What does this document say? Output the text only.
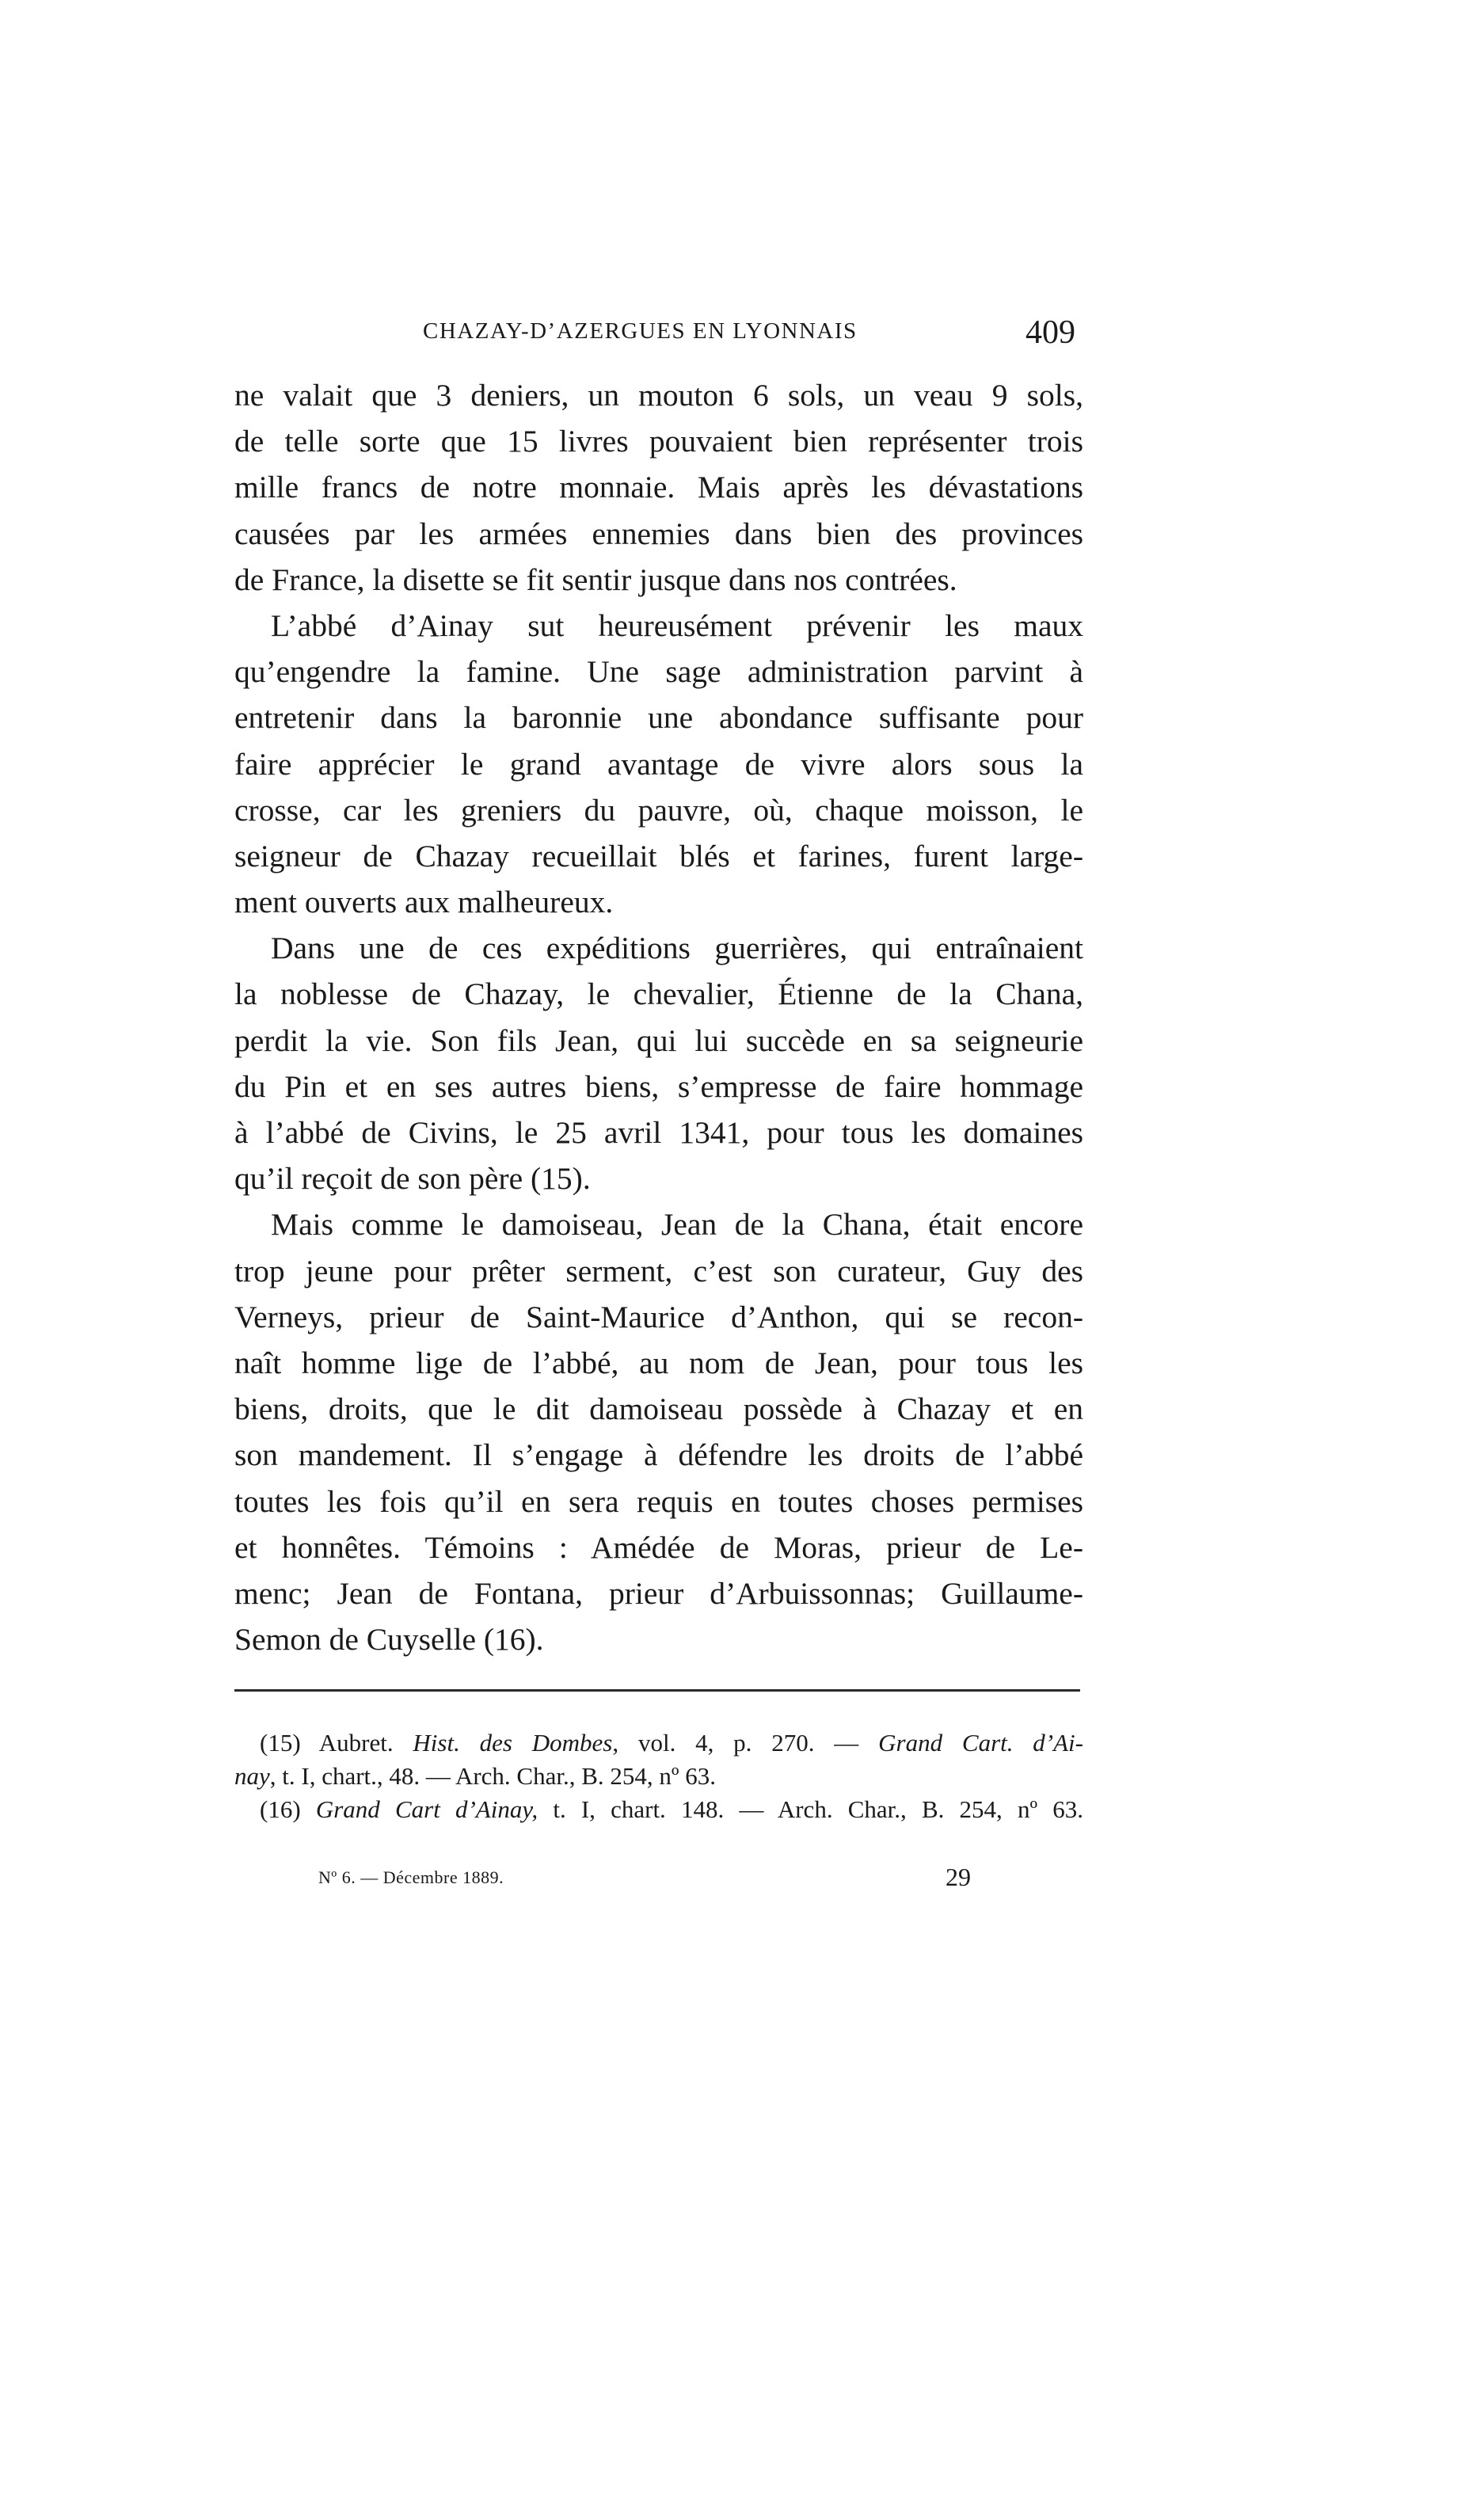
CHAZAY-D’AZERGUES EN LYONNAIS	409
ne valait que 3 deniers, un mouton 6 sols, un veau 9 sols,
de telle sorte que 15 livres pouvaient bien représenter trois
mille francs de notre monnaie. Mais après les dévastations
causées par les armées ennemies dans bien des provinces
de France, la disette se fit sentir jusque dans nos contrées.
L’abbé d’Ainay sut heureusément prévenir les maux
qu’engendre la famine. Une sage administration parvint à
entretenir dans la baronnie une abondance suffisante pour
faire apprécier le grand avantage de vivre alors sous la
crosse, car les greniers du pauvre, où, chaque moisson, le
seigneur de Chazay recueillait blés et farines, furent large-
ment ouverts aux malheureux.
Dans une de ces expéditions guerrières, qui entraînaient
la noblesse de Chazay, le chevalier, Étienne de la Chana,
perdit la vie. Son fils Jean, qui lui succède en sa seigneurie
du Pin et en ses autres biens, s’empresse de faire hommage
à l’abbé de Civins, le 25 avril 1341, pour tous les domaines
qu’il reçoit de son père (15).
Mais comme le damoiseau, Jean de la Chana, était encore
trop jeune pour prêter serment, c’est son curateur, Guy des
Verneys, prieur de Saint-Maurice d’Anthon, qui se recon-
naît homme lige de l’abbé, au nom de Jean, pour tous les
biens, droits, que le dit damoiseau possède à Chazay et en
son mandement. Il s’engage à défendre les droits de l’abbé
toutes les fois qu’il en sera requis en toutes choses permises
et honnêtes. Témoins : Amédée de Moras, prieur de Le-
menc; Jean de Fontana, prieur d’Arbuissonnas; Guillaume-
Semon de Cuyselle (16).
(15) Aubret. Hist. des Dombes, vol. 4, p. 270. — Grand Cart. d’Ai-
nay, t. I, chart., 48. — Arch. Char., B. 254, nº 63.
(16) Grand Cart d’Ainay, t. I, chart. 148. — Arch. Char., B. 254, nº 63.
Nº 6. — Décembre 1889.	29
